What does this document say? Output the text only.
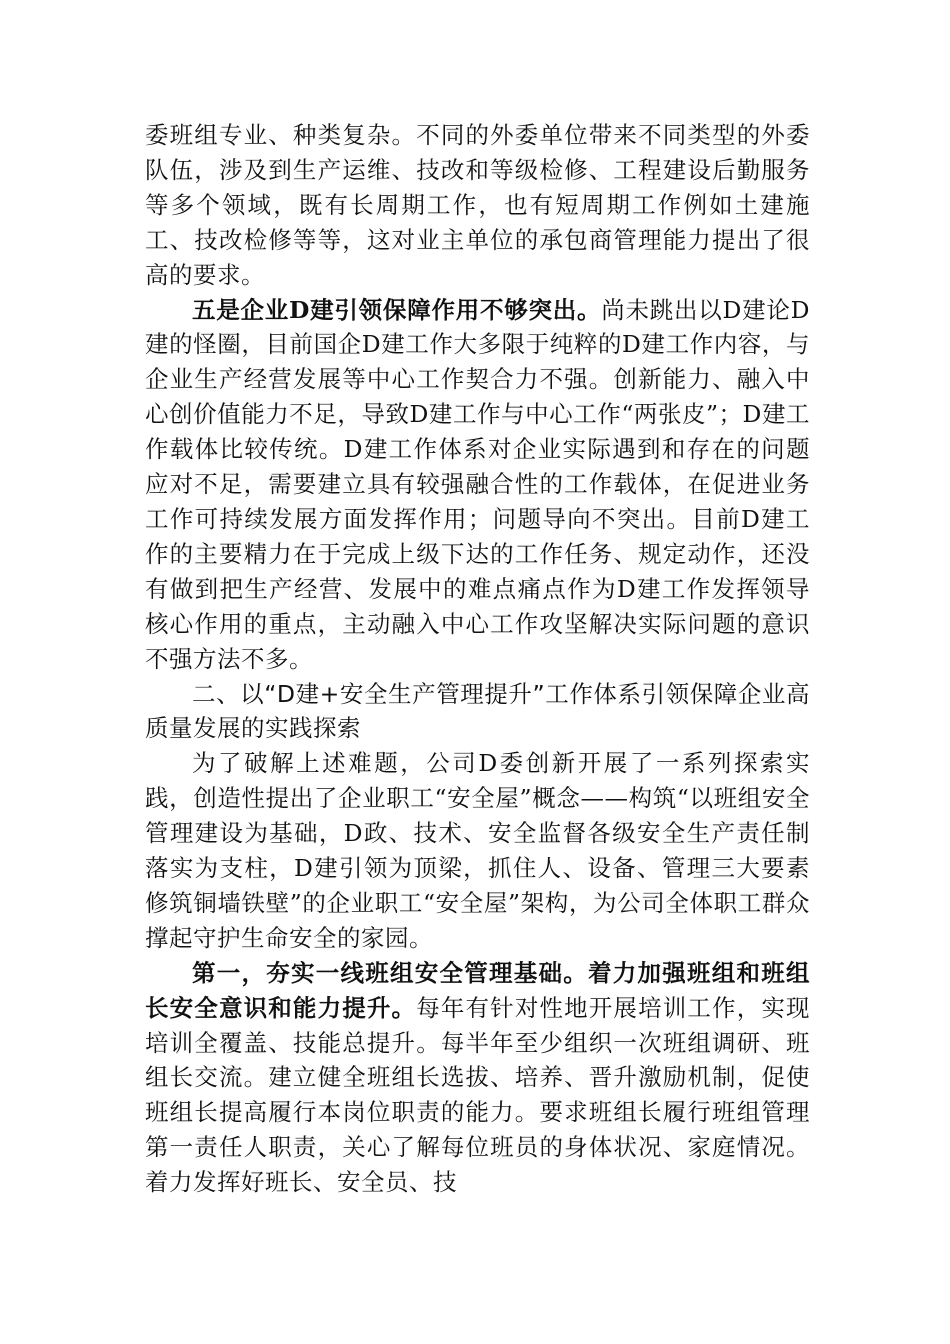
委班组专业、种类复杂。不同的外委单位带来不同类型的外委队伍，涉及到生产运维、技改和等级检修、工程建设后勤服务等多个领域，既有长周期工作，也有短周期工作例如土建施工、技改检修等等，这对业主单位的承包商管理能力提出了很高的要求。

五是企业D建引领保障作用不够突出。尚未跳出以D建论D建的怪圈，目前国企D建工作大多限于纯粹的D建工作内容，与企业生产经营发展等中心工作契合力不强。创新能力、融入中心创价值能力不足，导致D建工作与中心工作“两张皮”；D建工作载体比较传统。D建工作体系对企业实际遇到和存在的问题应对不足，需要建立具有较强融合性的工作载体，在促进业务工作可持续发展方面发挥作用；问题导向不突出。目前D建工作的主要精力在于完成上级下达的工作任务、规定动作，还没有做到把生产经营、发展中的难点痛点作为D建工作发挥领导核心作用的重点，主动融入中心工作攻坚解决实际问题的意识不强方法不多。

二、以“D建+安全生产管理提升”工作体系引领保障企业高质量发展的实践探索

为了破解上述难题，公司D委创新开展了一系列探索实践，创造性提出了企业职工“安全屋”概念——构筑“以班组安全管理建设为基础，D政、技术、安全监督各级安全生产责任制落实为支柱，D建引领为顶梁，抓住人、设备、管理三大要素修筑铜墙铁壁”的企业职工“安全屋”架构，为公司全体职工群众撑起守护生命安全的家园。

第一，夯实一线班组安全管理基础。着力加强班组和班组长安全意识和能力提升。每年有针对性地开展培训工作，实现培训全覆盖、技能总提升。每半年至少组织一次班组调研、班组长交流。建立健全班组长选拔、培养、晋升激励机制，促使班组长提高履行本岗位职责的能力。要求班组长履行班组管理第一责任人职责，关心了解每位班员的身体状况、家庭情况。着力发挥好班长、安全员、技
